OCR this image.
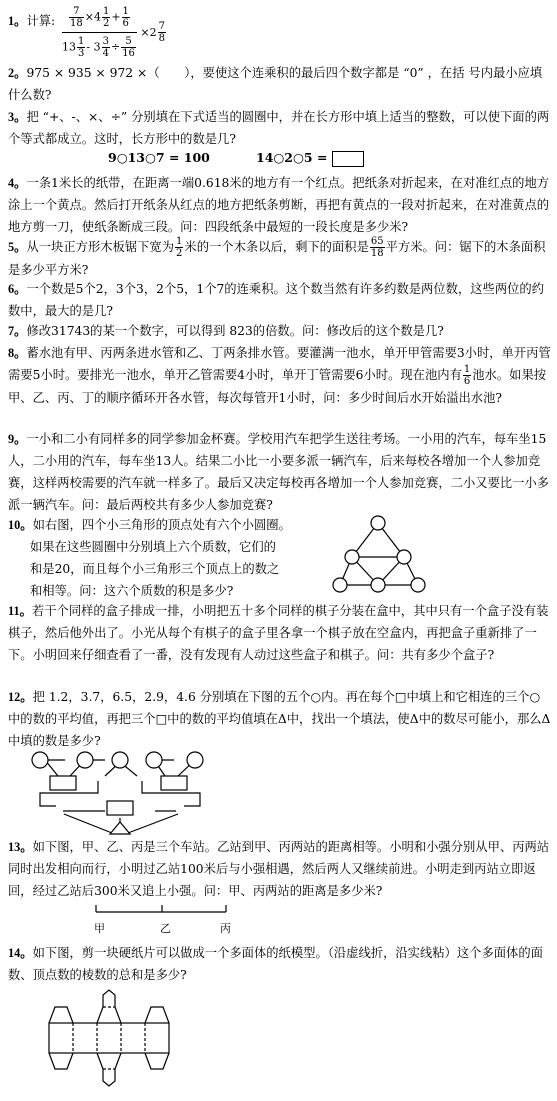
1。计算: $\frac{\frac{7}{18} \times 4 \frac{1}{2} + \frac{1}{6}}{13 \frac{1}{3} - 3 \frac{3}{4} \div \frac{5}{16}} \times 2 \frac{7}{8}$
2。975 × 935 × 972 ×（　　），要使这个连乘积的最后四个数字都是 “0” ，在括 号内最小应填什么数?
3。把 “+、-、×、÷” 分别填在下式适当的圆圈中，并在长方形中填上适当的整数，可以使下面的两个等式都成立。这时，长方形中的数是几?
9○13○7 = 100	14○2○5 =
4。一条1米长的纸带，在距离一端0.618米的地方有一个红点。把纸条对折起来，在对准红点的地方涂上一个黄点。然后打开纸条从红点的地方把纸条剪断，再把有黄点的一段对折起来，在对准黄点的地方剪一刀，使纸条断成三段。问：四段纸条中最短的一段长度是多少米?
5。从一块正方形木板锯下宽为 $\frac{1}{2}$ 米的一个木条以后，剩下的面积是 $\frac{65}{18}$ 平方米。问：锯下的木条面积是多少平方米?
6。一个数是5个2，3个3，2个5，1个7的连乘积。这个数当然有许多约数是两位数，这些两位的约数中，最大的是几?
7。修改31743的某一个数字，可以得到 823的倍数。问：修改后的这个数是几?
8。蓄水池有甲、丙两条进水管和乙、丁两条排水管。要灌满一池水，单开甲管需要3小时，单开丙管需要5小时。要排光一池水，单开乙管需要4小时，单开丁管需要6小时。现在池内有 $\frac{1}{6}$ 池水。如果按甲、乙、丙、丁的顺序循环开各水管，每次每管开1小时，问：多少时间后水开始溢出水池?
9。一小和二小有同样多的同学参加金杯赛。学校用汽车把学生送往考场。一小用的汽车，每车坐15人，二小用的汽车，每车坐13人。结果二小比一小要多派一辆汽车，后来每校各增加一个人参加竞赛，这样两校需要的汽车就一样多了。最后又决定每校再各增加一个人参加竞赛，二小又要比一小多派一辆汽车。问：最后两校共有多少人参加竞赛?
10。如右图，四个小三角形的顶点处有六个小圆圈。
如果在这些圆圈中分别填上六个质数，它们的
和是20，而且每个小三角形三个顶点上的数之
和相等。问：这六个质数的积是多少?
11。若干个同样的盒子排成一排，小明把五十多个同样的棋子分装在盒中，其中只有一个盒子没有装棋子，然后他外出了。小光从每个有棋子的盒子里各拿一个棋子放在空盒内，再把盒子重新排了一下。小明回来仔细查看了一番，没有发现有人动过这些盒子和棋子。问：共有多少个盒子?
12。把 1.2，3.7，6.5，2.9，4.6 分别填在下图的五个○内。再在每个□中填上和它相连的三个○中的数的平均值，再把三个□中的数的平均值填在Δ中，找出一个填法，使Δ中的数尽可能小，那么Δ中填的数是多少?
13。如下图，甲、乙、丙是三个车站。乙站到甲、丙两站的距离相等。小明和小强分别从甲、丙两站同时出发相向而行，小明过乙站100米后与小强相遇，然后两人又继续前进。小明走到丙站立即返回，经过乙站后300米又追上小强。问：甲、丙两站的距离是多少米?
甲	乙	丙
14。如下图，剪一块硬纸片可以做成一个多面体的纸模型。（沿虚线折，沿实线粘）这个多面体的面数、顶点数的棱数的总和是多少?
